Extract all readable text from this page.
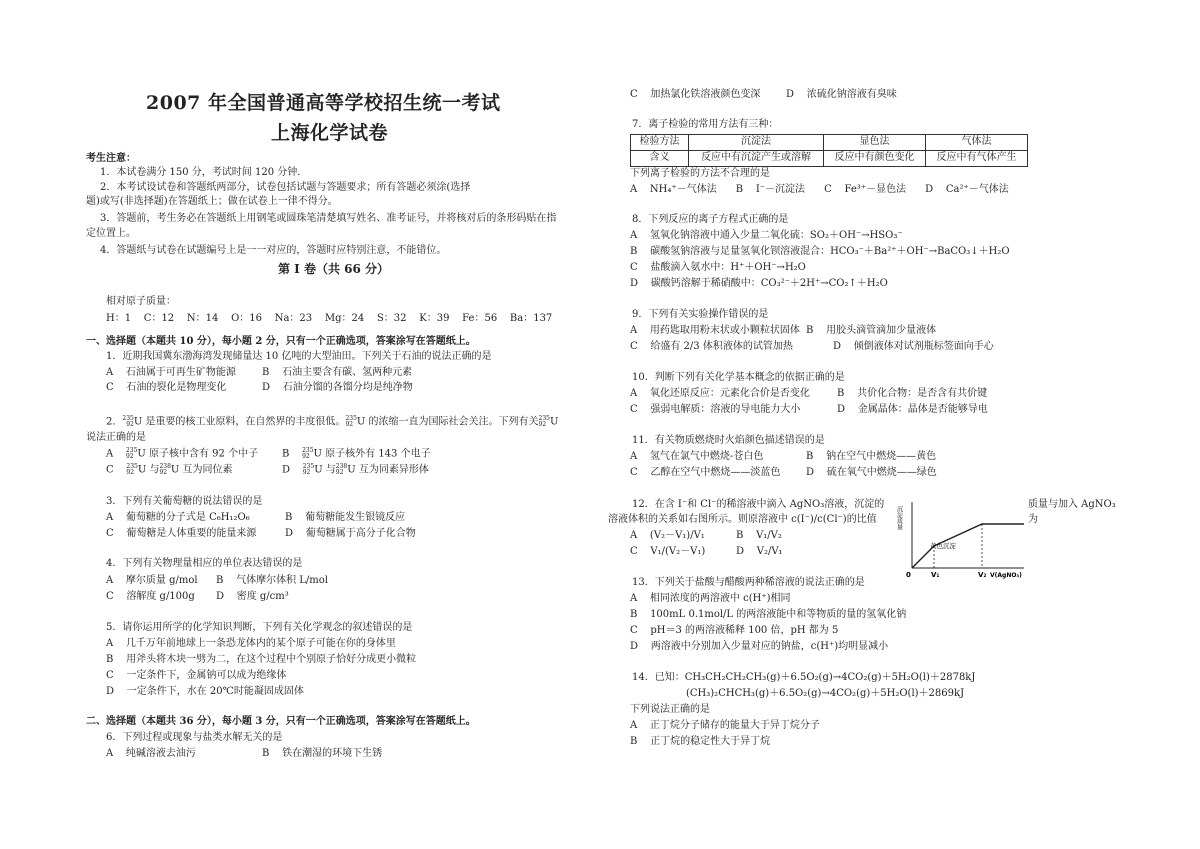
2007 年全国普通高等学校招生统一考试
上海化学试卷
考生注意：
1．本试卷满分 150 分，考试时间 120 分钟．
2．本考试设试卷和答题纸两部分，试卷包括试题与答题要求；所有答题必须涂(选择
题)或写(非选择题)在答题纸上；做在试卷上一律不得分。
3．答题前，考生务必在答题纸上用钢笔或圆珠笔清楚填写姓名、准考证号，并将核对后的条形码贴在指
定位置上。
4．答题纸与试卷在试题编号上是一一对应的，答题时应特别注意，不能错位。
第 I 卷（共 66 分）
相对原子质量：
H：1    C：12    N：14    O：16    Na：23    Mg：24    S：32    K：39    Fe：56    Ba：137
一、选择题（本题共 10 分），每小题 2 分，只有一个正确选项，答案涂写在答题纸上。
1．近期我国冀东渤海湾发现储量达 10 亿吨的大型油田。下列关于石油的说法正确的是
A    石油属于可再生矿物能源	B    石油主要含有碳、氢两种元素
C    石油的裂化是物理变化	D    石油分馏的各馏分均是纯净物
2．235
92U 是重要的核工业原料，在自然界的丰度很低。235
92 U 的浓缩一直为国际社会关注。下列有关235
92 U
说法正确的是
A    235
92 U 原子核中含有 92 个中子 B    235
92 U 原子核外有 143 个电子
C    235
92 U 与238
92 U 互为同位素	D    235
92 U 与238
92 U 互为同素异形体
3．下列有关葡萄糖的说法错误的是
A    葡萄糖的分子式是 C₆H₁₂O₆	B    葡萄糖能发生银镜反应
C    葡萄糖是人体重要的能量来源	D    葡萄糖属于高分子化合物
4．下列有关物理量相应的单位表达错误的是
A    摩尔质量 g/mol B    气体摩尔体积 L/mol
C    溶解度 g/100g D    密度 g/cm³
5．请你运用所学的化学知识判断，下列有关化学观念的叙述错误的是
A    几千万年前地球上一条恐龙体内的某个原子可能在你的身体里
B    用斧头将木块一劈为二，在这个过程中个别原子恰好分成更小微粒
C    一定条件下，金属钠可以成为绝缘体
D    一定条件下，水在 20℃时能凝固成固体
二、选择题（本题共 36 分），每小题 3 分，只有一个正确选项，答案涂写在答题纸上。
6．下列过程或现象与盐类水解无关的是
A    纯碱溶液去油污	B    铁在潮湿的环境下生锈
C    加热氯化铁溶液颜色变深	D    浓硫化钠溶液有臭味
7．离子检验的常用方法有三种：
检验方法	沉淀法	显色法	气体法
含义	反应中有沉淀产生或溶解	反应中有颜色变化	反应中有气体产生
下列离子检验的方法不合理的是
A    NH₄⁺－气体法      B    I⁻－沉淀法      C    Fe³⁺－显色法      D    Ca²⁺－气体法
8．下列反应的离子方程式正确的是
A    氢氧化钠溶液中通入少量二氧化硫：SO₂＋OH⁻→HSO₃⁻
B    碳酸氢钠溶液与足量氢氧化钡溶液混合：HCO₃⁻＋Ba²⁺＋OH⁻→BaCO₃↓＋H₂O
C    盐酸滴入氨水中：H⁺＋OH⁻→H₂O
D    碳酸钙溶解于稀硝酸中：CO₃²⁻＋2H⁺→CO₂↑＋H₂O
9．下列有关实验操作错误的是
A    用药匙取用粉末状或小颗粒状固体 B    用胶头滴管滴加少量液体
C    给盛有 2/3 体积液体的试管加热	D    倾倒液体对试剂瓶标签面向手心
10．判断下列有关化学基本概念的依据正确的是
A    氧化还原反应：元素化合价是否变化	B    共价化合物：是否含有共价键
C    强弱电解质：溶液的导电能力大小	D    金属晶体：晶体是否能够导电
11．有关物质燃烧时火焰颜色描述错误的是
A    氢气在氯气中燃烧-苍白色	B    钠在空气中燃烧——黄色
C    乙醇在空气中燃烧——淡蓝色	D    硫在氧气中燃烧——绿色
12．在含 I⁻和 Cl⁻的稀溶液中滴入 AgNO₃溶液，沉淀的	质量与加入 AgNO₃
溶液体积的关系如右图所示。则原溶液中 c(I⁻)/c(Cl⁻)的比值	为
A    (V₂－V₁)/V₁	B    V₁/V₂
C    V₁/(V₂－V₁)	D    V₂/V₁
沉淀质量
黄色沉淀
0	V₁	V₂ V(AgNO₃)
13．下列关于盐酸与醋酸两种稀溶液的说法正确的是
A    相同浓度的两溶液中 c(H⁺)相同
B    100mL 0.1mol/L 的两溶液能中和等物质的量的氢氧化钠
C    pH＝3 的两溶液稀释 100 倍，pH 都为 5
D    两溶液中分别加入少量对应的钠盐，c(H⁺)均明显减小
14．已知：CH₃CH₂CH₂CH₃(g)＋6.5O₂(g)→4CO₂(g)＋5H₂O(l)＋2878kJ
(CH₃)₂CHCH₃(g)＋6.5O₂(g)→4CO₂(g)＋5H₂O(l)＋2869kJ
下列说法正确的是
A    正丁烷分子储存的能量大于异丁烷分子
B    正丁烷的稳定性大于异丁烷
